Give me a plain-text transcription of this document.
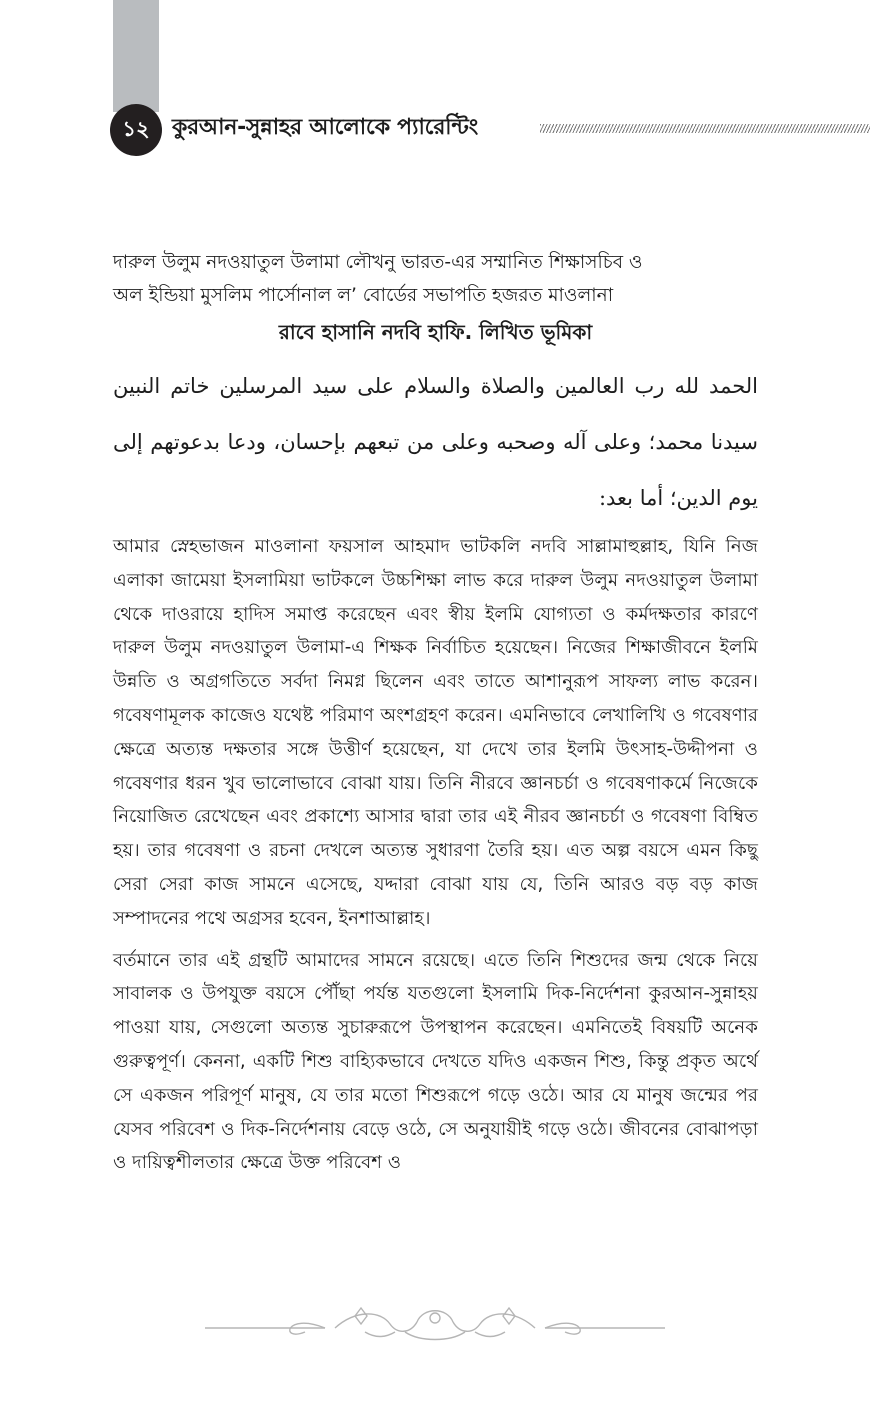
১২	কুরআন-সুন্নাহর আলোকে প্যারেন্টিং

দারুল উলুম নদওয়াতুল উলামা লৌখনু ভারত-এর সম্মানিত শিক্ষাসচিব ও

অল ইন্ডিয়া মুসলিম পার্সোনাল ল’ বোর্ডের সভাপতি হজরত মাওলানা

রাবে হাসানি নদবি হাফি. লিখিত ভূমিকা

الحمد لله رب العالمين والصلاة والسلام على سيد المرسلين خاتم النبين سيدنا محمد؛ وعلى آله وصحبه وعلى من تبعهم بإحسان، ودعا بدعوتهم إلى يوم الدين؛ أما بعد:

আমার স্নেহভাজন মাওলানা ফয়সাল আহমাদ ভাটকলি নদবি সাল্লামাহুল্লাহ, যিনি নিজ এলাকা জামেয়া ইসলামিয়া ভাটকলে উচ্চশিক্ষা লাভ করে দারুল উলুম নদওয়াতুল উলামা থেকে দাওরায়ে হাদিস সমাপ্ত করেছেন এবং স্বীয় ইলমি যোগ্যতা ও কর্মদক্ষতার কারণে দারুল উলুম নদওয়াতুল উলামা-এ শিক্ষক নির্বাচিত হয়েছেন। নিজের শিক্ষাজীবনে ইলমি উন্নতি ও অগ্রগতিতে সর্বদা নিমগ্ন ছিলেন এবং তাতে আশানুরূপ সাফল্য লাভ করেন। গবেষণামূলক কাজেও যথেষ্ট পরিমাণ অংশগ্রহণ করেন। এমনিভাবে লেখালিখি ও গবেষণার ক্ষেত্রে অত্যন্ত দক্ষতার সঙ্গে উত্তীর্ণ হয়েছেন, যা দেখে তার ইলমি উৎসাহ-উদ্দীপনা ও গবেষণার ধরন খুব ভালোভাবে বোঝা যায়। তিনি নীরবে জ্ঞানচর্চা ও গবেষণাকর্মে নিজেকে নিয়োজিত রেখেছেন এবং প্রকাশ্যে আসার দ্বারা তার এই নীরব জ্ঞানচর্চা ও গবেষণা বিম্বিত হয়। তার গবেষণা ও রচনা দেখলে অত্যন্ত সুধারণা তৈরি হয়। এত অল্প বয়সে এমন কিছু সেরা সেরা কাজ সামনে এসেছে, যদ্দারা বোঝা যায় যে, তিনি আরও বড় বড় কাজ সম্পাদনের পথে অগ্রসর হবেন, ইনশাআল্লাহ।

বর্তমানে তার এই গ্রন্থটি আমাদের সামনে রয়েছে। এতে তিনি শিশুদের জন্ম থেকে নিয়ে সাবালক ও উপযুক্ত বয়সে পৌঁছা পর্যন্ত যতগুলো ইসলামি দিক-নির্দেশনা কুরআন-সুন্নাহয় পাওয়া যায়, সেগুলো অত্যন্ত সুচারুরূপে উপস্থাপন করেছেন। এমনিতেই বিষয়টি অনেক গুরুত্বপূর্ণ। কেননা, একটি শিশু বাহ্যিকভাবে দেখতে যদিও একজন শিশু, কিন্তু প্রকৃত অর্থে সে একজন পরিপূর্ণ মানুষ, যে তার মতো শিশুরূপে গড়ে ওঠে। আর যে মানুষ জন্মের পর যেসব পরিবেশ ও দিক-নির্দেশনায় বেড়ে ওঠে, সে অনুযায়ীই গড়ে ওঠে। জীবনের বোঝাপড়া ও দায়িত্বশীলতার ক্ষেত্রে উক্ত পরিবেশ ও
